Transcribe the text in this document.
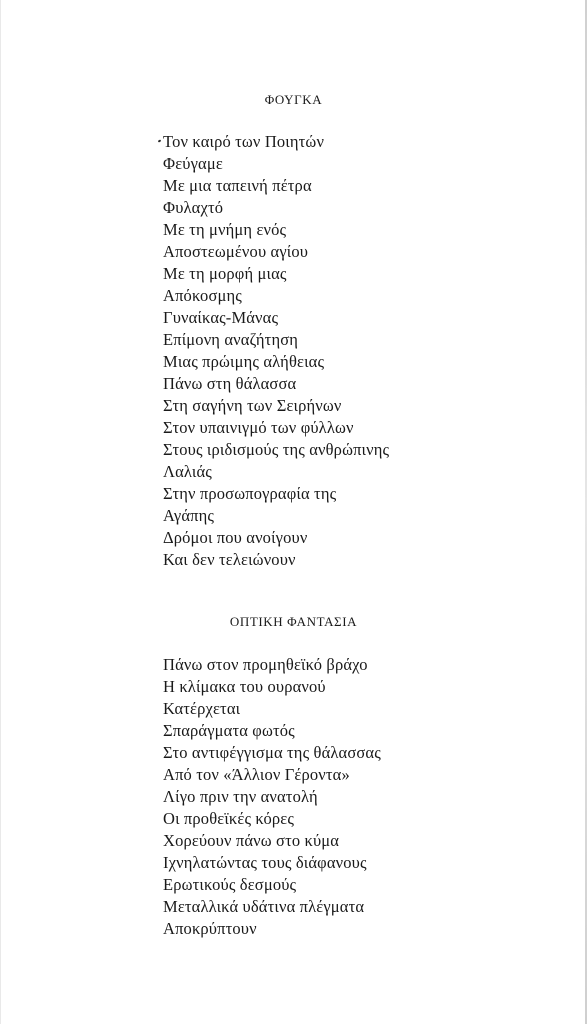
ΦΟΥΓΚΑ
Τον καιρό των Ποιητών
Φεύγαμε
Με μια ταπεινή πέτρα
Φυλαχτό
Με τη μνήμη ενός
Αποστεωμένου αγίου
Με τη μορφή μιας
Απόκοσμης
Γυναίκας-Μάνας
Επίμονη αναζήτηση
Μιας πρώιμης αλήθειας
Πάνω στη θάλασσα
Στη σαγήνη των Σειρήνων
Στον υπαινιγμό των φύλλων
Στους ιριδισμούς της ανθρώπινης
Λαλιάς
Στην προσωπογραφία της
Αγάπης
Δρόμοι που ανοίγουν
Και δεν τελειώνουν
ΟΠΤΙΚΗ ΦΑΝΤΑΣΙΑ
Πάνω στον προμηθεϊκό βράχο
Η κλίμακα του ουρανού
Κατέρχεται
Σπαράγματα φωτός
Στο αντιφέγγισμα της θάλασσας
Από τον «Άλλιον Γέροντα»
Λίγο πριν την ανατολή
Οι προθεϊκές κόρες
Χορεύουν πάνω στο κύμα
Ιχνηλατώντας τους διάφανους
Ερωτικούς δεσμούς
Μεταλλικά υδάτινα πλέγματα
Αποκρύπτουν
